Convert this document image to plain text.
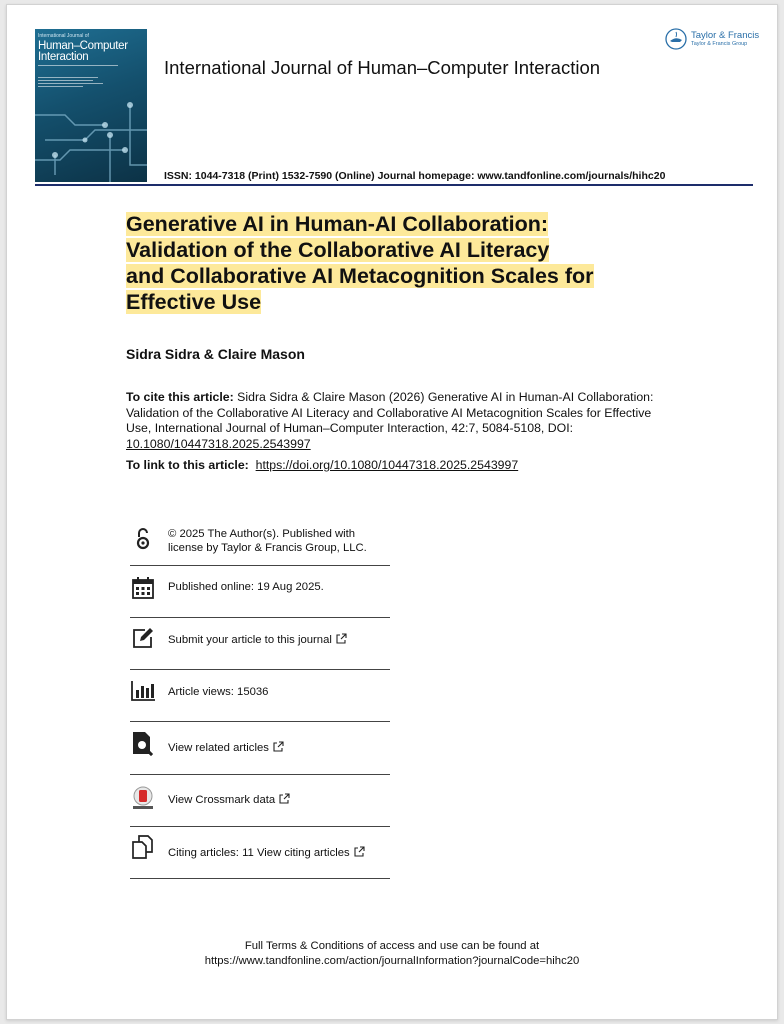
International Journal of
Human–Computer
Interaction	International Journal of Human–Computer Interaction
Taylor & Francis
Taylor & Francis Group
ISSN: 1044-7318 (Print) 1532-7590 (Online) Journal homepage: www.tandfonline.com/journals/hihc20
Generative AI in Human-AI Collaboration:
Validation of the Collaborative AI Literacy
and Collaborative AI Metacognition Scales for
Effective Use
Sidra Sidra & Claire Mason
To cite this article: Sidra Sidra & Claire Mason (2026) Generative AI in Human-AI Collaboration: Validation of the Collaborative AI Literacy and Collaborative AI Metacognition Scales for Effective Use, International Journal of Human–Computer Interaction, 42:7, 5084-5108, DOI: 10.1080/10447318.2025.2543997
To link to this article: https://doi.org/10.1080/10447318.2025.2543997
© 2025 The Author(s). Published with license by Taylor & Francis Group, LLC.
Published online: 19 Aug 2025.
Submit your article to this journal
Article views: 15036
View related articles
View Crossmark data
Citing articles: 11 View citing articles
Full Terms & Conditions of access and use can be found at
https://www.tandfonline.com/action/journalInformation?journalCode=hihc20
